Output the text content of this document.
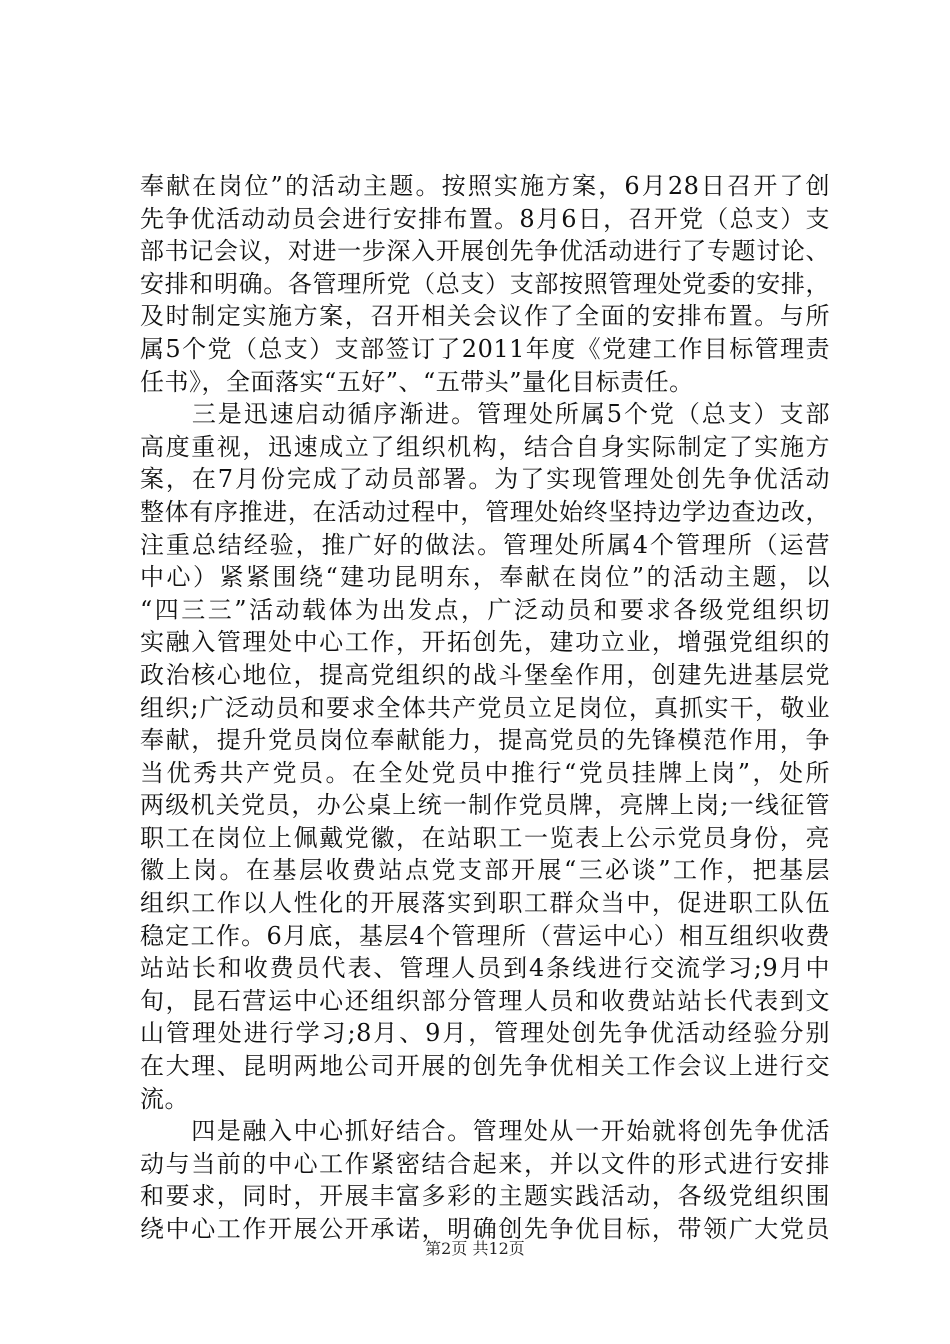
奉献在岗位”的活动主题。按照实施方案，6月28日召开了创
先争优活动动员会进行安排布置。8月6日，召开党（总支）支
部书记会议，对进一步深入开展创先争优活动进行了专题讨论、
安排和明确。各管理所党（总支）支部按照管理处党委的安排，
及时制定实施方案，召开相关会议作了全面的安排布置。与所
属5个党（总支）支部签订了2011年度《党建工作目标管理责
任书》，全面落实“五好”、“五带头”量化目标责任。
　　三是迅速启动循序渐进。管理处所属5个党（总支）支部
高度重视，迅速成立了组织机构，结合自身实际制定了实施方
案，在7月份完成了动员部署。为了实现管理处创先争优活动
整体有序推进，在活动过程中，管理处始终坚持边学边查边改，
注重总结经验，推广好的做法。管理处所属4个管理所（运营
中心）紧紧围绕“建功昆明东，奉献在岗位”的活动主题，以
“四三三”活动载体为出发点，广泛动员和要求各级党组织切
实融入管理处中心工作，开拓创先，建功立业，增强党组织的
政治核心地位，提高党组织的战斗堡垒作用，创建先进基层党
组织;广泛动员和要求全体共产党员立足岗位，真抓实干，敬业
奉献，提升党员岗位奉献能力，提高党员的先锋模范作用，争
当优秀共产党员。在全处党员中推行“党员挂牌上岗”，处所
两级机关党员，办公桌上统一制作党员牌，亮牌上岗;一线征管
职工在岗位上佩戴党徽，在站职工一览表上公示党员身份，亮
徽上岗。在基层收费站点党支部开展“三必谈”工作，把基层
组织工作以人性化的开展落实到职工群众当中，促进职工队伍
稳定工作。6月底，基层4个管理所（营运中心）相互组织收费
站站长和收费员代表、管理人员到4条线进行交流学习;9月中
旬，昆石营运中心还组织部分管理人员和收费站站长代表到文
山管理处进行学习;8月、9月，管理处创先争优活动经验分别
在大理、昆明两地公司开展的创先争优相关工作会议上进行交
流。
　　四是融入中心抓好结合。管理处从一开始就将创先争优活
动与当前的中心工作紧密结合起来，并以文件的形式进行安排
和要求，同时，开展丰富多彩的主题实践活动，各级党组织围
绕中心工作开展公开承诺，明确创先争优目标，带领广大党员
第2页 共12页
